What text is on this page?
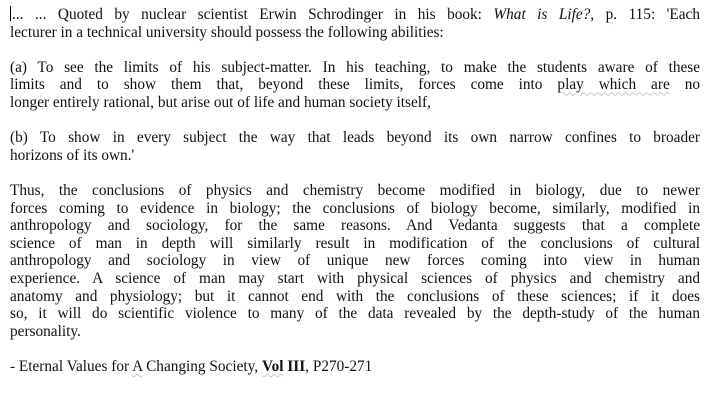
... ... Quoted by nuclear scientist Erwin Schrodinger in his book: What is Life?, p. 115: 'Each
lecturer in a technical university should possess the following abilities:

(a) To see the limits of his subject-matter. In his teaching, to make the students aware of these
limits and to show them that, beyond these limits, forces come into play which are no
longer entirely rational, but arise out of life and human society itself,

(b) To show in every subject the way that leads beyond its own narrow confines to broader
horizons of its own.'

Thus, the conclusions of physics and chemistry become modified in biology, due to newer
forces coming to evidence in biology; the conclusions of biology become, similarly, modified in
anthropology and sociology, for the same reasons. And Vedanta suggests that a complete
science of man in depth will similarly result in modification of the conclusions of cultural
anthropology and sociology in view of unique new forces coming into view in human
experience. A science of man may start with physical sciences of physics and chemistry and
anatomy and physiology; but it cannot end with the conclusions of these sciences; if it does
so, it will do scientific violence to many of the data revealed by the depth-study of the human
personality.

- Eternal Values for A Changing Society, Vol III, P270-271
